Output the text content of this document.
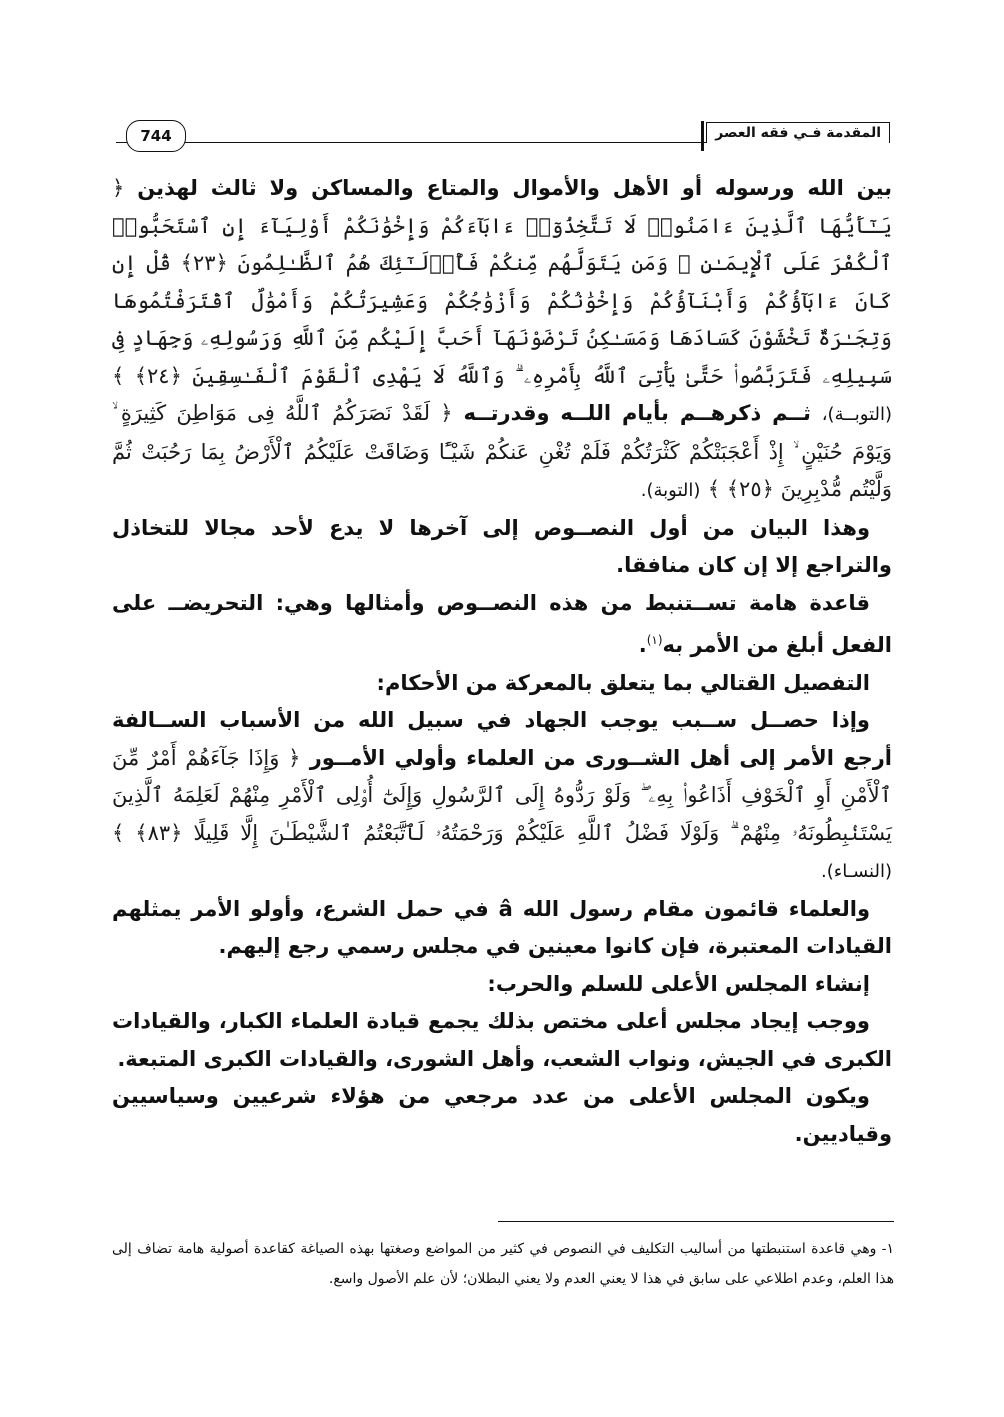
المقدمة فـي فقه العصر
744

بين الله ورسوله أو الأهل والأموال والمتاع والمساكن ولا ثالث لهذين ﴿ يَـٰٓأَيُّهَا ٱلَّذِينَ ءَامَنُوا۟ لَا تَتَّخِذُوٓا۟ ءَابَآءَكُمْ وَإِخْوَٰنَكُمْ أَوْلِيَآءَ إِنِ ٱسْتَحَبُّوا۟ ٱلْكُفْرَ عَلَى ٱلْإِيمَـٰنِ ۚ وَمَن يَتَوَلَّهُم مِّنكُمْ فَأُو۟لَـٰٓئِكَ هُمُ ٱلظَّـٰلِمُونَ ﴿٢٣﴾ قُلْ إِن كَانَ ءَابَآؤُكُمْ وَأَبْنَآؤُكُمْ وَإِخْوَٰنُكُمْ وَأَزْوَٰجُكُمْ وَعَشِيرَتُكُمْ وَأَمْوَٰلٌ ٱقْتَرَفْتُمُوهَا وَتِجَـٰرَةٌ تَخْشَوْنَ كَسَادَهَا وَمَسَـٰكِنُ تَرْضَوْنَهَآ أَحَبَّ إِلَيْكُم مِّنَ ٱللَّهِ وَرَسُولِهِۦ وَجِهَادٍ فِى سَبِيلِهِۦ فَتَرَبَّصُوا۟ حَتَّىٰ يَأْتِىَ ٱللَّهُ بِأَمْرِهِۦ ۗ وَٱللَّهُ لَا يَهْدِى ٱلْقَوْمَ ٱلْفَـٰسِقِينَ ﴿٢٤﴾ ﴾ (التوبــة)، ثــم ذكرهــم بأيام اللــه وقدرتــه ﴿ لَقَدْ نَصَرَكُمُ ٱللَّهُ فِى مَوَاطِنَ كَثِيرَةٍ ۙ وَيَوْمَ حُنَيْنٍ ۙ إِذْ أَعْجَبَتْكُمْ كَثْرَتُكُمْ فَلَمْ تُغْنِ عَنكُمْ شَيْـًٔا وَضَاقَتْ عَلَيْكُمُ ٱلْأَرْضُ بِمَا رَحُبَتْ ثُمَّ وَلَّيْتُم مُّدْبِرِينَ ﴿٢٥﴾ ﴾ (التوبة).

وهذا البيان من أول النصــوص إلى آخرها لا يدع لأحد مجالا للتخاذل والتراجع إلا إن كان منافقا.

قاعدة هامة تســتنبط من هذه النصــوص وأمثالها وهي: التحريضــ على الفعل أبلغ من الأمر به$^{(١)}$.

التفصيل القتالي بما يتعلق بالمعركة من الأحكام:

وإذا حصــل ســبب يوجب الجهاد في سبيل الله من الأسباب الســالفة أرجع الأمر إلى أهل الشــورى من العلماء وأولي الأمــور ﴿ وَإِذَا جَآءَهُمْ أَمْرٌ مِّنَ ٱلْأَمْنِ أَوِ ٱلْخَوْفِ أَذَاعُوا۟ بِهِۦ ۖ وَلَوْ رَدُّوهُ إِلَى ٱلرَّسُولِ وَإِلَىٰٓ أُو۟لِى ٱلْأَمْرِ مِنْهُمْ لَعَلِمَهُ ٱلَّذِينَ يَسْتَنۢبِطُونَهُۥ مِنْهُمْ ۗ وَلَوْلَا فَضْلُ ٱللَّهِ عَلَيْكُمْ وَرَحْمَتُهُۥ لَٱتَّبَعْتُمُ ٱلشَّيْطَـٰنَ إِلَّا قَلِيلًا ﴿٨٣﴾ ﴾ (النسـاء).

والعلماء قائمون مقام رسول الله â في حمل الشرع، وأولو الأمر يمثلهم القيادات المعتبرة، فإن كانوا معينين في مجلس رسمي رجع إليهم.

إنشاء المجلس الأعلى للسلم والحرب:

ووجب إيجاد مجلس أعلى مختص بذلك يجمع قيادة العلماء الكبار، والقيادات الكبرى في الجيش، ونواب الشعب، وأهل الشورى، والقيادات الكبرى المتبعة.

ويكون المجلس الأعلى من عدد مرجعي من هؤلاء شرعيين وسياسيين وقياديين.

١- وهي قاعدة استنبطتها من أساليب التكليف في النصوص في كثير من المواضع وصغتها بهذه الصياغة كقاعدة أصولية هامة تضاف إلى هذا العلم، وعدم اطلاعي على سابق في هذا لا يعني العدم ولا يعني البطلان؛ لأن علم الأصول واسع.
